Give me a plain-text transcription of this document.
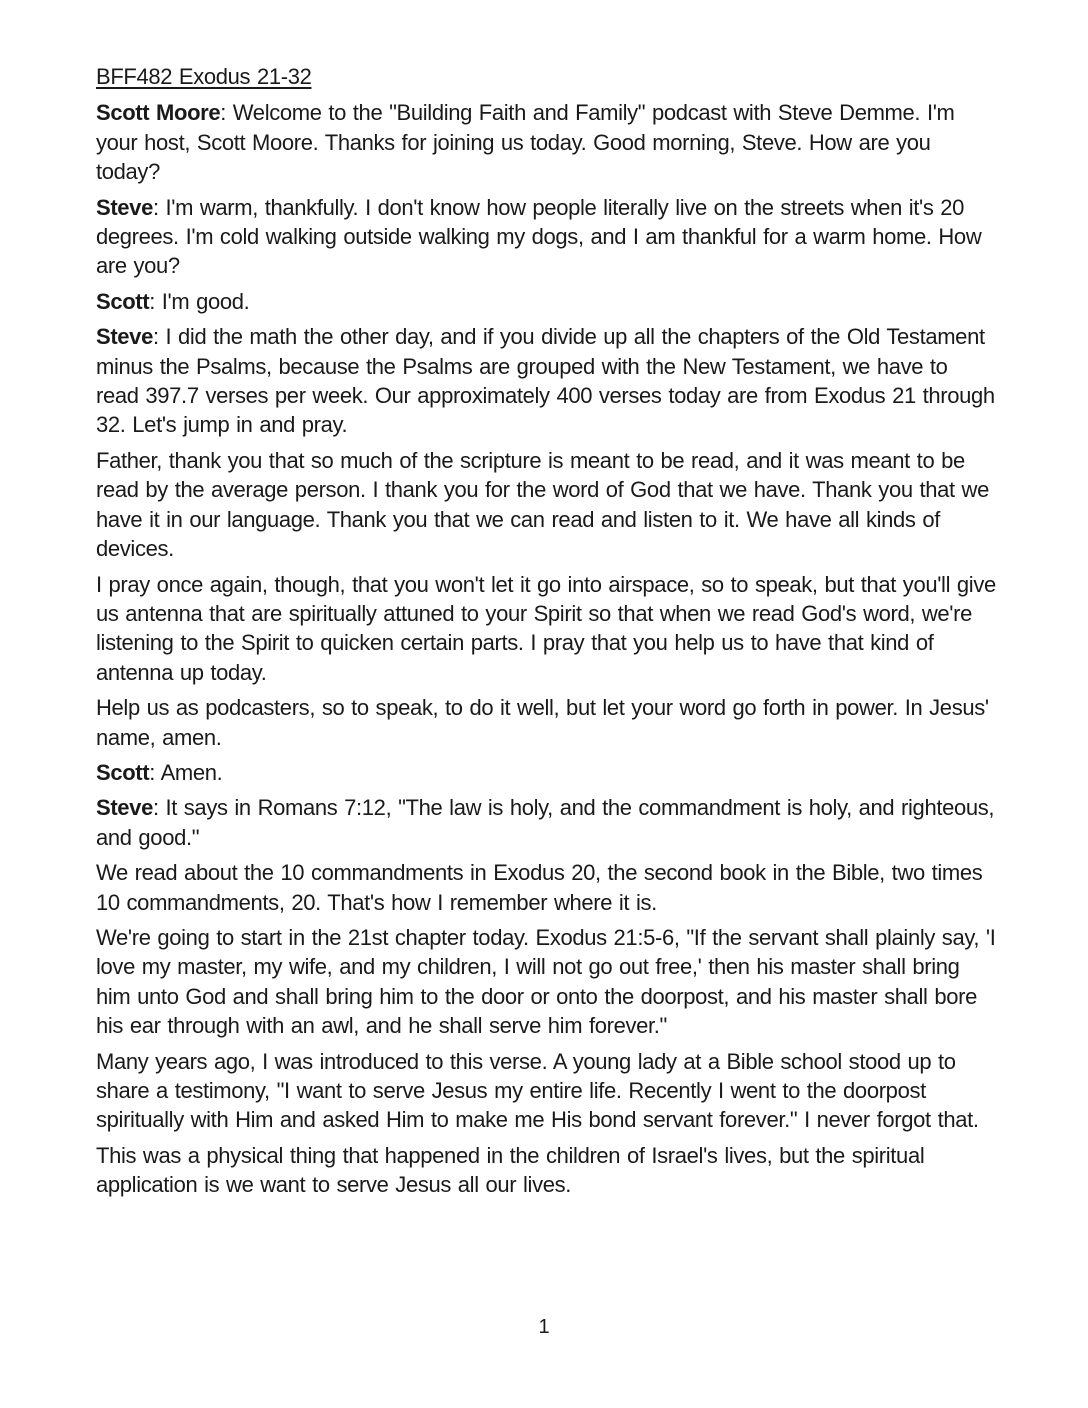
BFF482 Exodus 21-32

Scott Moore: Welcome to the "Building Faith and Family" podcast with Steve Demme. I'm your host, Scott Moore. Thanks for joining us today. Good morning, Steve. How are you today?

Steve: I'm warm, thankfully. I don't know how people literally live on the streets when it's 20 degrees. I'm cold walking outside walking my dogs, and I am thankful for a warm home. How are you?

Scott: I'm good.

Steve: I did the math the other day, and if you divide up all the chapters of the Old Testament minus the Psalms, because the Psalms are grouped with the New Testament, we have to read 397.7 verses per week. Our approximately 400 verses today are from Exodus 21 through 32. Let's jump in and pray.

Father, thank you that so much of the scripture is meant to be read, and it was meant to be read by the average person. I thank you for the word of God that we have. Thank you that we have it in our language. Thank you that we can read and listen to it. We have all kinds of devices.

I pray once again, though, that you won't let it go into airspace, so to speak, but that you'll give us antenna that are spiritually attuned to your Spirit so that when we read God's word, we're listening to the Spirit to quicken certain parts. I pray that you help us to have that kind of antenna up today.

Help us as podcasters, so to speak, to do it well, but let your word go forth in power. In Jesus' name, amen.

Scott: Amen.

Steve: It says in Romans 7:12, "The law is holy, and the commandment is holy, and righteous, and good."

We read about the 10 commandments in Exodus 20, the second book in the Bible, two times 10 commandments, 20. That's how I remember where it is.

We're going to start in the 21st chapter today. Exodus 21:5-6, "If the servant shall plainly say, 'I love my master, my wife, and my children, I will not go out free,' then his master shall bring him unto God and shall bring him to the door or onto the doorpost, and his master shall bore his ear through with an awl, and he shall serve him forever."

Many years ago, I was introduced to this verse. A young lady at a Bible school stood up to share a testimony, "I want to serve Jesus my entire life. Recently I went to the doorpost spiritually with Him and asked Him to make me His bond servant forever." I never forgot that.

This was a physical thing that happened in the children of Israel's lives, but the spiritual application is we want to serve Jesus all our lives.

1
